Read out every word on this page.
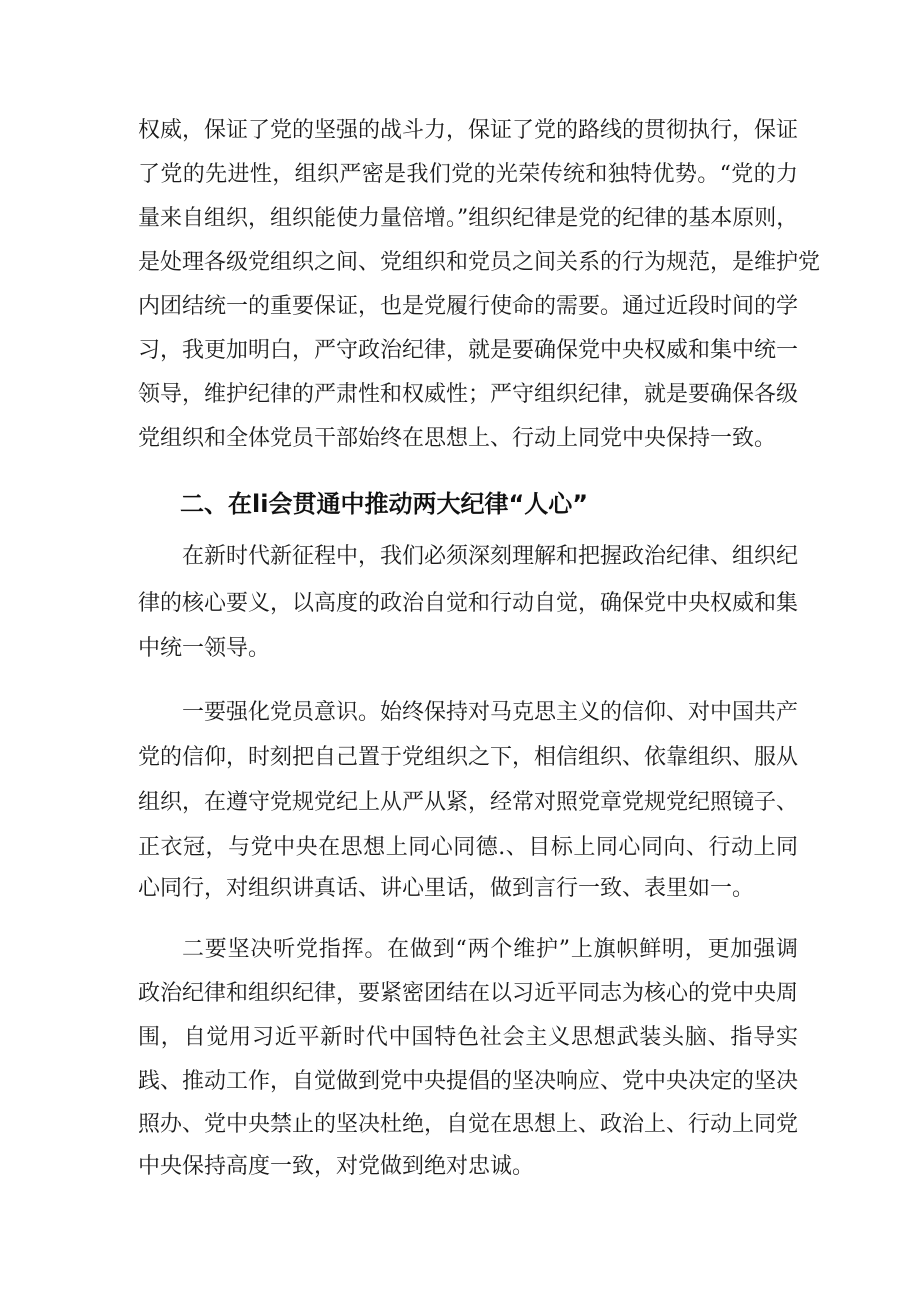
权威，保证了党的坚强的战斗力，保证了党的路线的贯彻执行，保证
了党的先进性，组织严密是我们党的光荣传统和独特优势。“党的力
量来自组织，组织能使力量倍增。”组织纪律是党的纪律的基本原则，
是处理各级党组织之间、党组织和党员之间关系的行为规范，是维护党
内团结统一的重要保证，也是党履行使命的需要。通过近段时间的学
习，我更加明白，严守政治纪律，就是要确保党中央权威和集中统一
领导，维护纪律的严肃性和权威性；严守组织纪律，就是要确保各级
党组织和全体党员干部始终在思想上、行动上同党中央保持一致。
二、在li会贯通中推动两大纪律“人心”
在新时代新征程中，我们必须深刻理解和把握政治纪律、组织纪
律的核心要义，以高度的政治自觉和行动自觉，确保党中央权威和集
中统一领导。
一要强化党员意识。始终保持对马克思主义的信仰、对中国共产
党的信仰，时刻把自己置于党组织之下，相信组织、依靠组织、服从
组织，在遵守党规党纪上从严从紧，经常对照党章党规党纪照镜子、
正衣冠，与党中央在思想上同心同德.、目标上同心同向、行动上同
心同行，对组织讲真话、讲心里话，做到言行一致、表里如一。
二要坚决听党指挥。在做到“两个维护”上旗帜鲜明，更加强调
政治纪律和组织纪律，要紧密团结在以习近平同志为核心的党中央周
围，自觉用习近平新时代中国特色社会主义思想武装头脑、指导实
践、推动工作，自觉做到党中央提倡的坚决响应、党中央决定的坚决
照办、党中央禁止的坚决杜绝，自觉在思想上、政治上、行动上同党
中央保持高度一致，对党做到绝对忠诚。
